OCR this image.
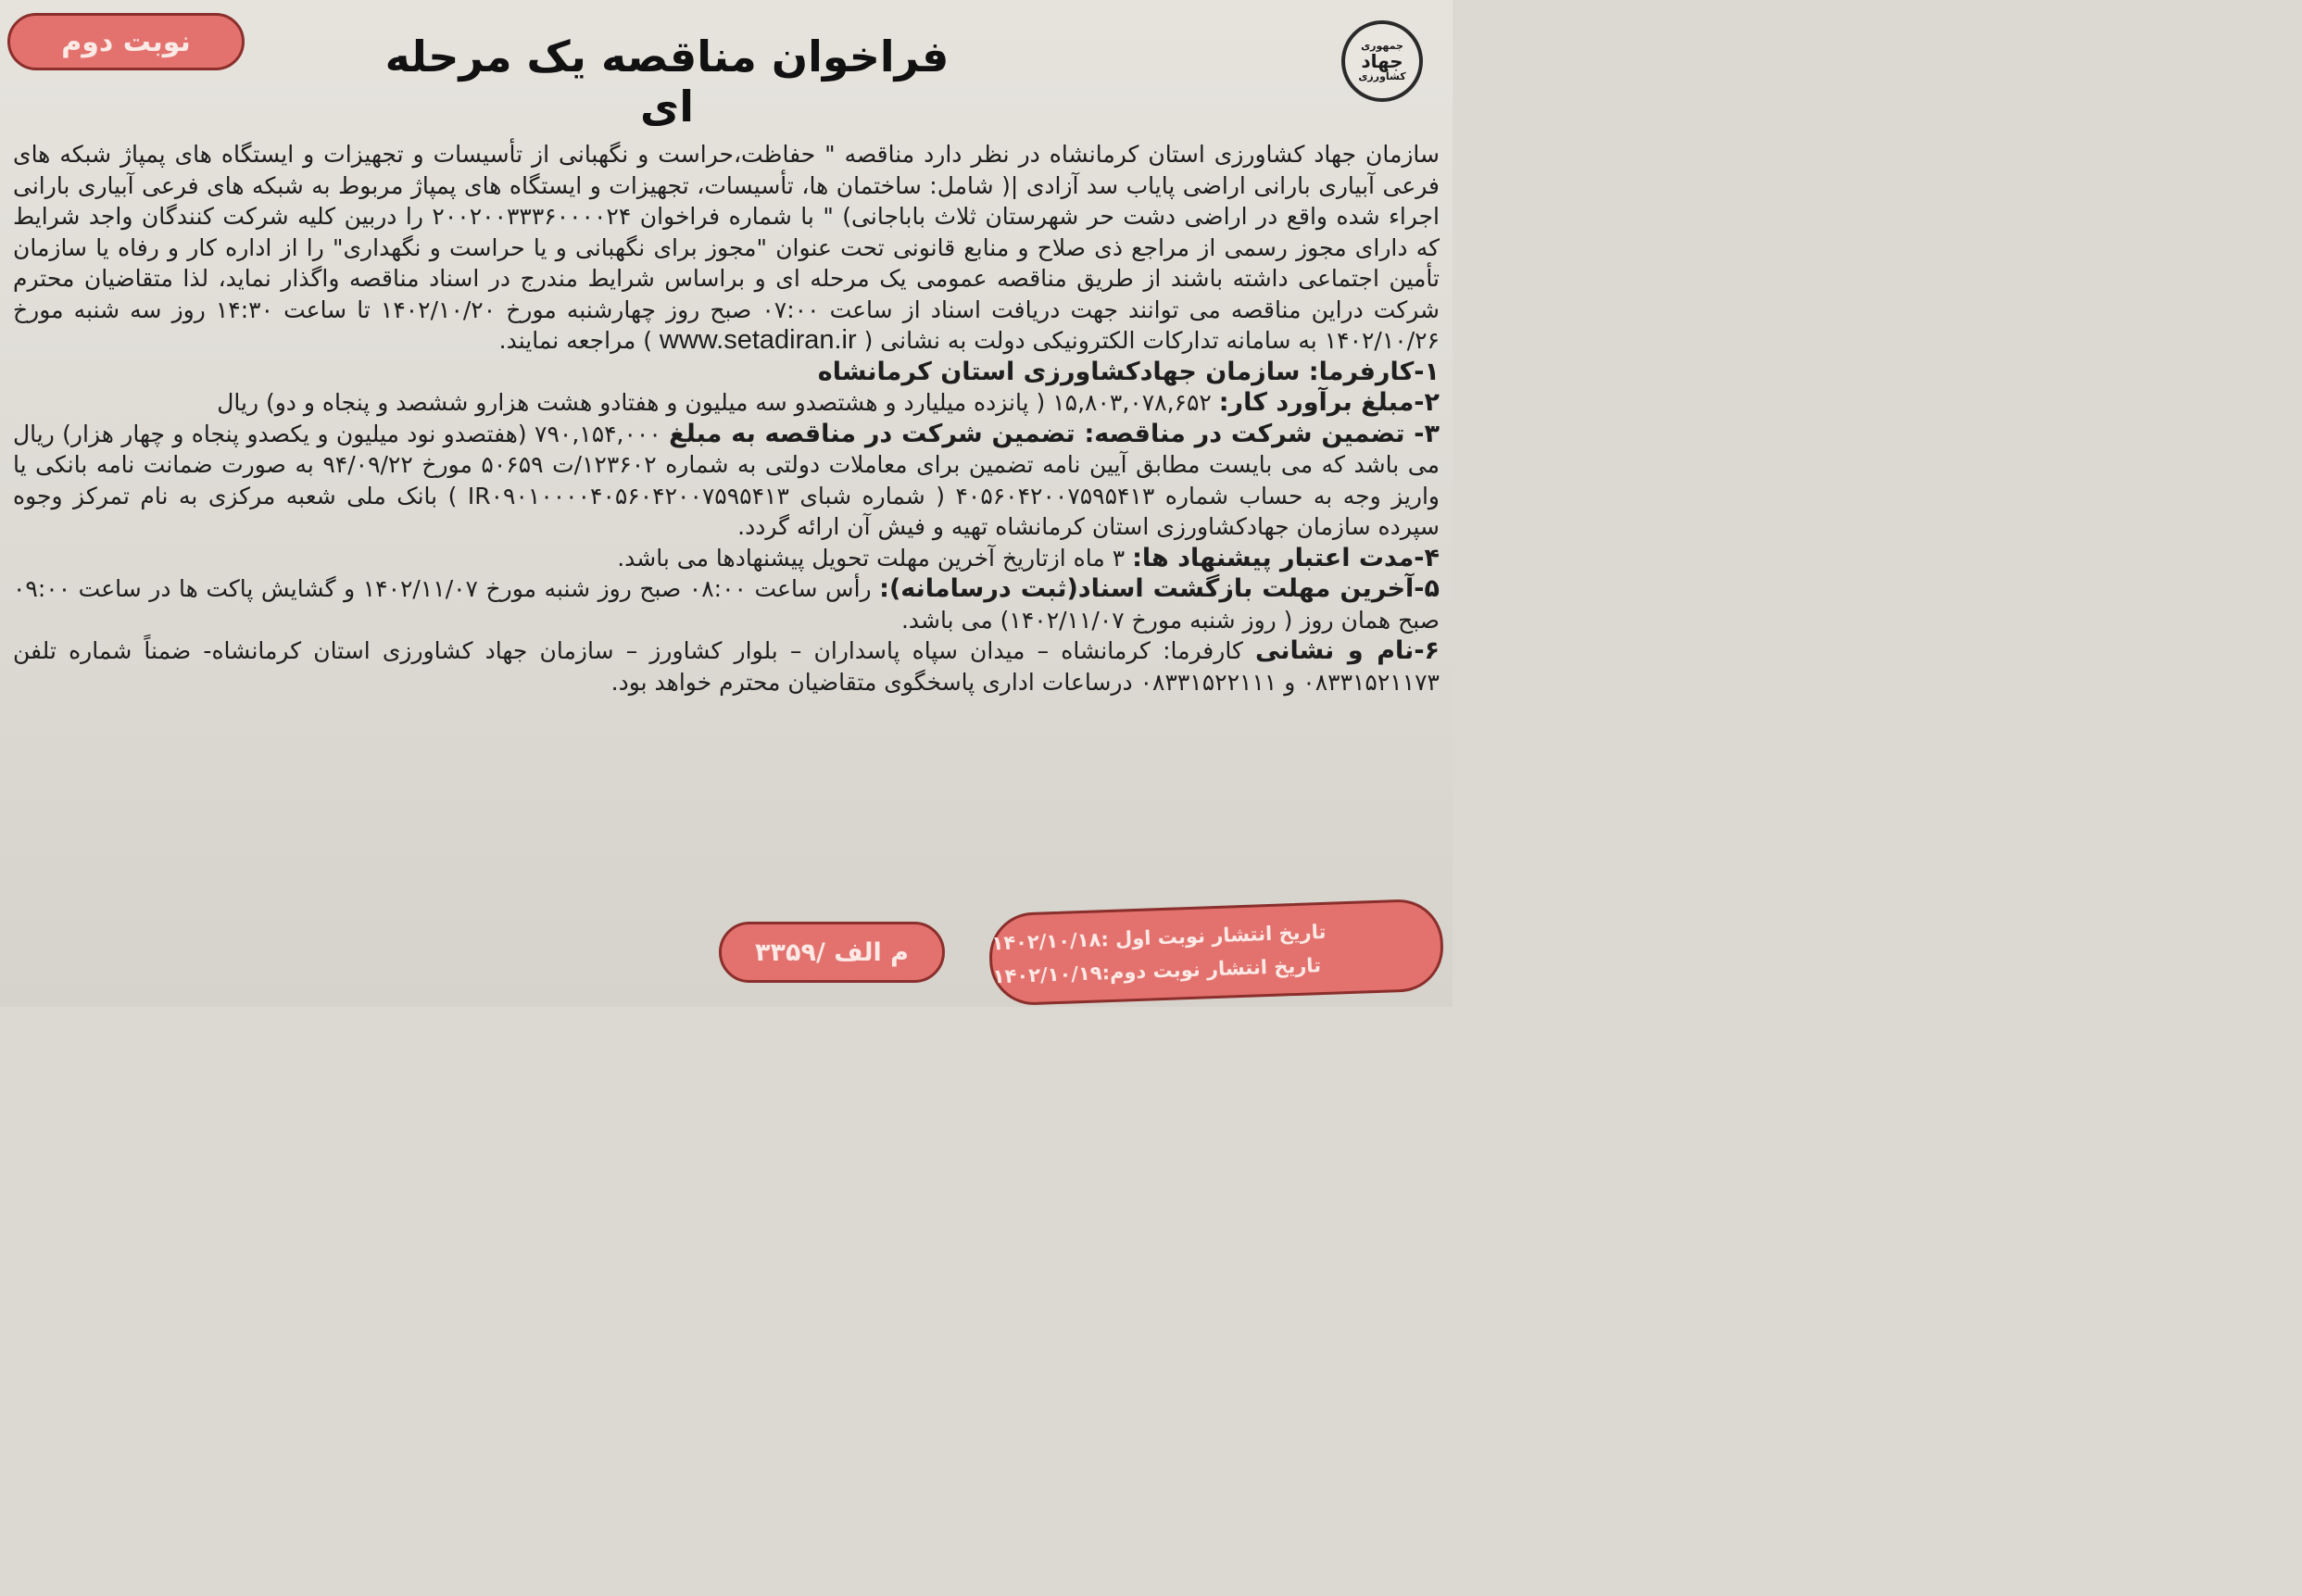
نوبت دوم	جمهوری
جهاد
کشاورزی
فراخوان مناقصه یک مرحله ای

سازمان جهاد کشاورزی استان کرمانشاه در نظر دارد مناقصه " حفاظت،حراست و نگهبانی از تأسیسات و تجهیزات و ایستگاه های پمپاژ شبکه های فرعی آبیاری بارانی اراضی پایاب سد آزادی |( شامل: ساختمان ها، تأسیسات، تجهیزات و ایستگاه های پمپاژ مربوط به شبکه های فرعی آبیاری بارانی اجراء شده واقع در اراضی دشت حر شهرستان ثلاث باباجانی) " با شماره فراخوان ۲۰۰۲۰۰۳۳۳۶۰۰۰۰۲۴ را دربین کلیه شرکت کنندگان واجد شرایط که دارای مجوز رسمی از مراجع ذی صلاح و منابع قانونی تحت عنوان "مجوز برای نگهبانی و یا حراست و نگهداری" را از اداره کار و رفاه یا سازمان تأمین اجتماعی داشته باشند از طریق مناقصه عمومی یک مرحله ای و براساس شرایط مندرج در اسناد مناقصه واگذار نماید، لذا متقاضیان محترم شرکت دراین مناقصه می توانند جهت دریافت اسناد از ساعت ۰۷:۰۰ صبح روز چهارشنبه مورخ ۱۴۰۲/۱۰/۲۰ تا ساعت ۱۴:۳۰ روز سه شنبه مورخ ۱۴۰۲/۱۰/۲۶ به سامانه تدارکات الکترونیکی دولت به نشانی ( www.setadiran.ir ) مراجعه نمایند.

۱-کارفرما: سازمان جهادکشاورزی استان کرمانشاه

۲-مبلغ برآورد کار: ۱۵,۸۰۳,۰۷۸,۶۵۲ ( پانزده میلیارد و هشتصدو سه میلیون و هفتادو هشت هزارو ششصد و پنجاه و دو) ریال

۳- تضمین شرکت در مناقصه: تضمین شرکت در مناقصه به مبلغ ۷۹۰,۱۵۴,۰۰۰ (هفتصدو نود میلیون و یکصدو پنجاه و چهار هزار) ریال می باشد که می بایست مطابق آیین نامه تضمین برای معاملات دولتی به شماره ۱۲۳۶۰۲/ت ۵۰۶۵۹ مورخ ۹۴/۰۹/۲۲ به صورت ضمانت نامه بانکی یا واریز وجه به حساب شماره ۴۰۵۶۰۴۲۰۰۷۵۹۵۴۱۳ ( شماره شبای IR۰۹۰۱۰۰۰۰۴۰۵۶۰۴۲۰۰۷۵۹۵۴۱۳ ) بانک ملی شعبه مرکزی به نام تمرکز وجوه سپرده سازمان جهادکشاورزی استان کرمانشاه تهیه و فیش آن ارائه گردد.

۴-مدت اعتبار پیشنهاد ها: ۳ ماه ازتاریخ آخرین مهلت تحویل پیشنهادها می باشد.

۵-آخرین مهلت بازگشت اسناد(ثبت درسامانه): رأس ساعت ۰۸:۰۰ صبح روز شنبه مورخ ۱۴۰۲/۱۱/۰۷ و گشایش پاکت ها در ساعت ۰۹:۰۰ صبح همان روز ( روز شنبه مورخ ۱۴۰۲/۱۱/۰۷) می باشد.

۶-نام و نشانی کارفرما: کرمانشاه – میدان سپاه پاسداران – بلوار کشاورز – سازمان جهاد کشاورزی استان کرمانشاه- ضمناً شماره تلفن ۰۸۳۳۱۵۲۱۱۷۳ و ۰۸۳۳۱۵۲۲۱۱۱ درساعات اداری پاسخگوی متقاضیان محترم خواهد بود.

م الف /۳۳۵۹	تاریخ انتشار نوبت اول :۱۴۰۲/۱۰/۱۸
تاریخ انتشار نوبت دوم:۱۴۰۲/۱۰/۱۹
